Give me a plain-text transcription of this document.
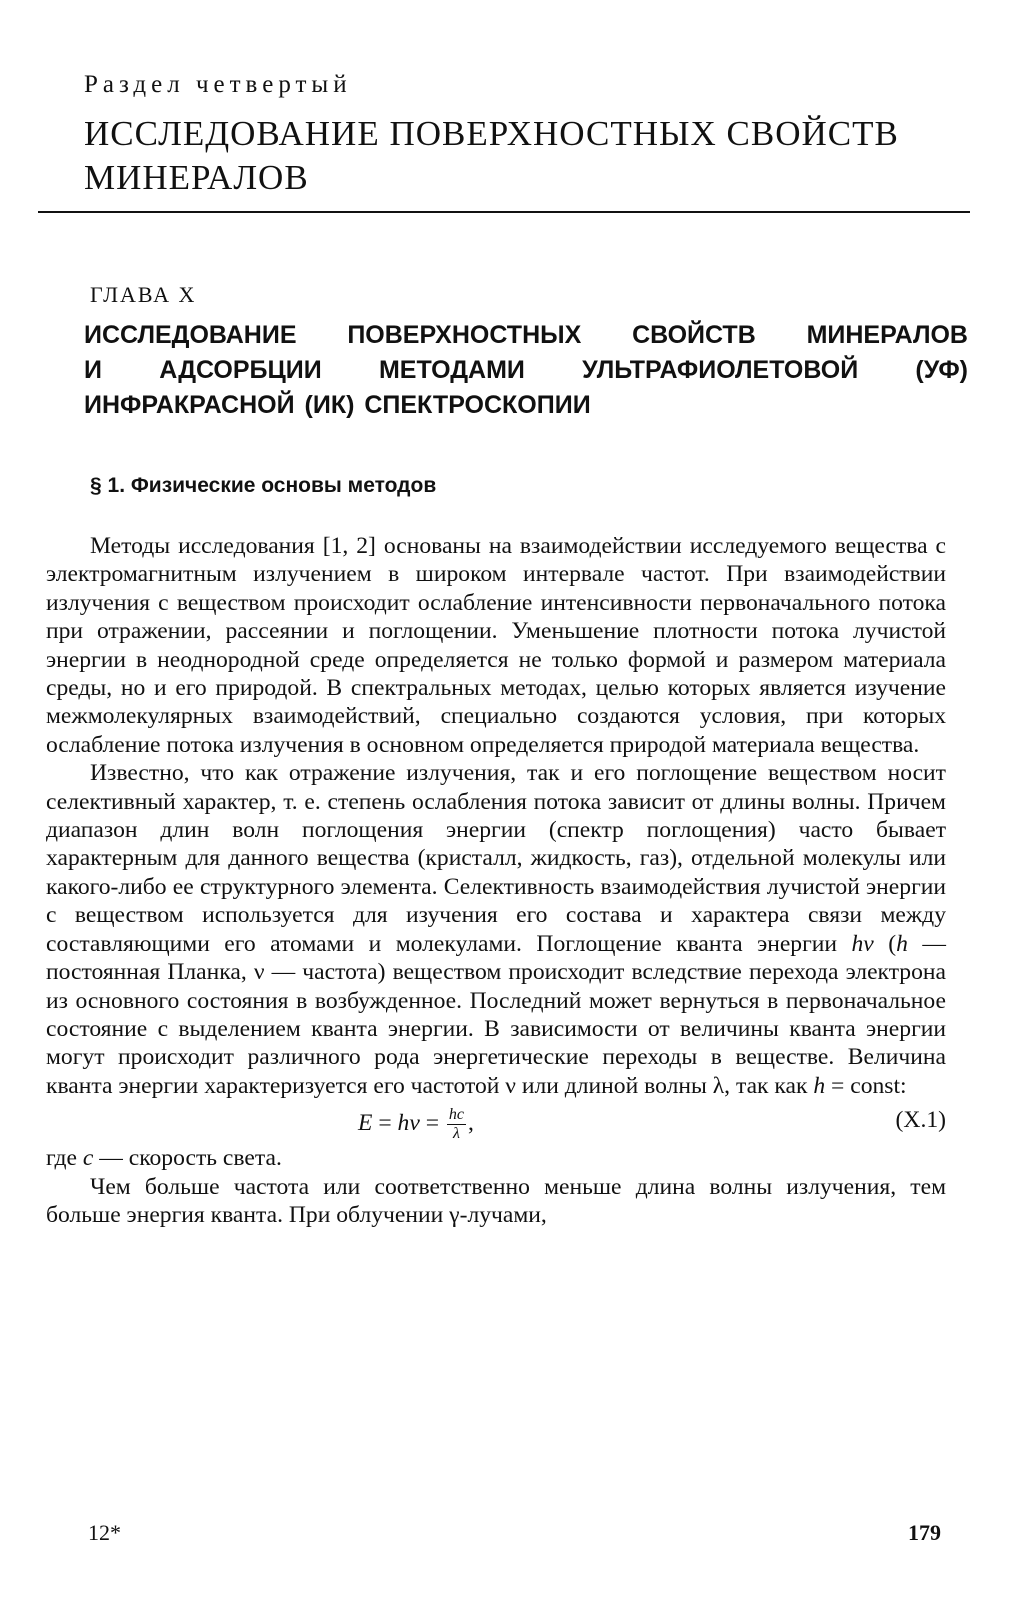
Раздел четвертый
ИССЛЕДОВАНИЕ ПОВЕРХНОСТНЫХ СВОЙСТВ
МИНЕРАЛОВ
ГЛАВА X
ИССЛЕДОВАНИЕ ПОВЕРХНОСТНЫХ СВОЙСТВ МИНЕРАЛОВ
И АДСОРБЦИИ МЕТОДАМИ УЛЬТРАФИОЛЕТОВОЙ (УФ)
ИНФРАКРАСНОЙ (ИК) СПЕКТРОСКОПИИ
§ 1. Физические основы методов

Методы исследования [1, 2] основаны на взаимодействии исследуемого вещества с электромагнитным излучением в широком интервале частот. При взаимодействии излучения с веществом происходит ослабление интенсивности первоначального потока при отражении, рассеянии и поглощении. Уменьшение плотности потока лучистой энергии в неоднородной среде определяется не только формой и размером материала среды, но и его природой. В спектральных методах, целью которых является изучение межмолекулярных взаимодействий, специально создаются условия, при которых ослабление потока излучения в основном определяется природой материала вещества.

Известно, что как отражение излучения, так и его поглощение веществом носит селективный характер, т. е. степень ослабления потока зависит от длины волны. Причем диапазон длин волн поглощения энергии (спектр поглощения) часто бывает характерным для данного вещества (кристалл, жидкость, газ), отдельной молекулы или какого-либо ее структурного элемента. Селективность взаимодействия лучистой энергии с веществом используется для изучения его состава и характера связи между составляющими его атомами и молекулами. Поглощение кванта энергии hν (h — постоянная Планка, ν — частота) веществом происходит вследствие перехода электрона из основного состояния в возбужденное. Последний может вернуться в первоначальное состояние с выделением кванта энергии. В зависимости от величины кванта энергии могут происходит различного рода энергетические переходы в веществе. Величина кванта энергии характеризуется его частотой ν или длиной волны λ, так как h = const:

$E = h\nu = \frac{hc}{\lambda}$ ,	(X.1)

где c — скорость света.

Чем больше частота или соответственно меньше длина волны излучения, тем больше энергия кванта. При облучении γ-лучами,

12*	179
